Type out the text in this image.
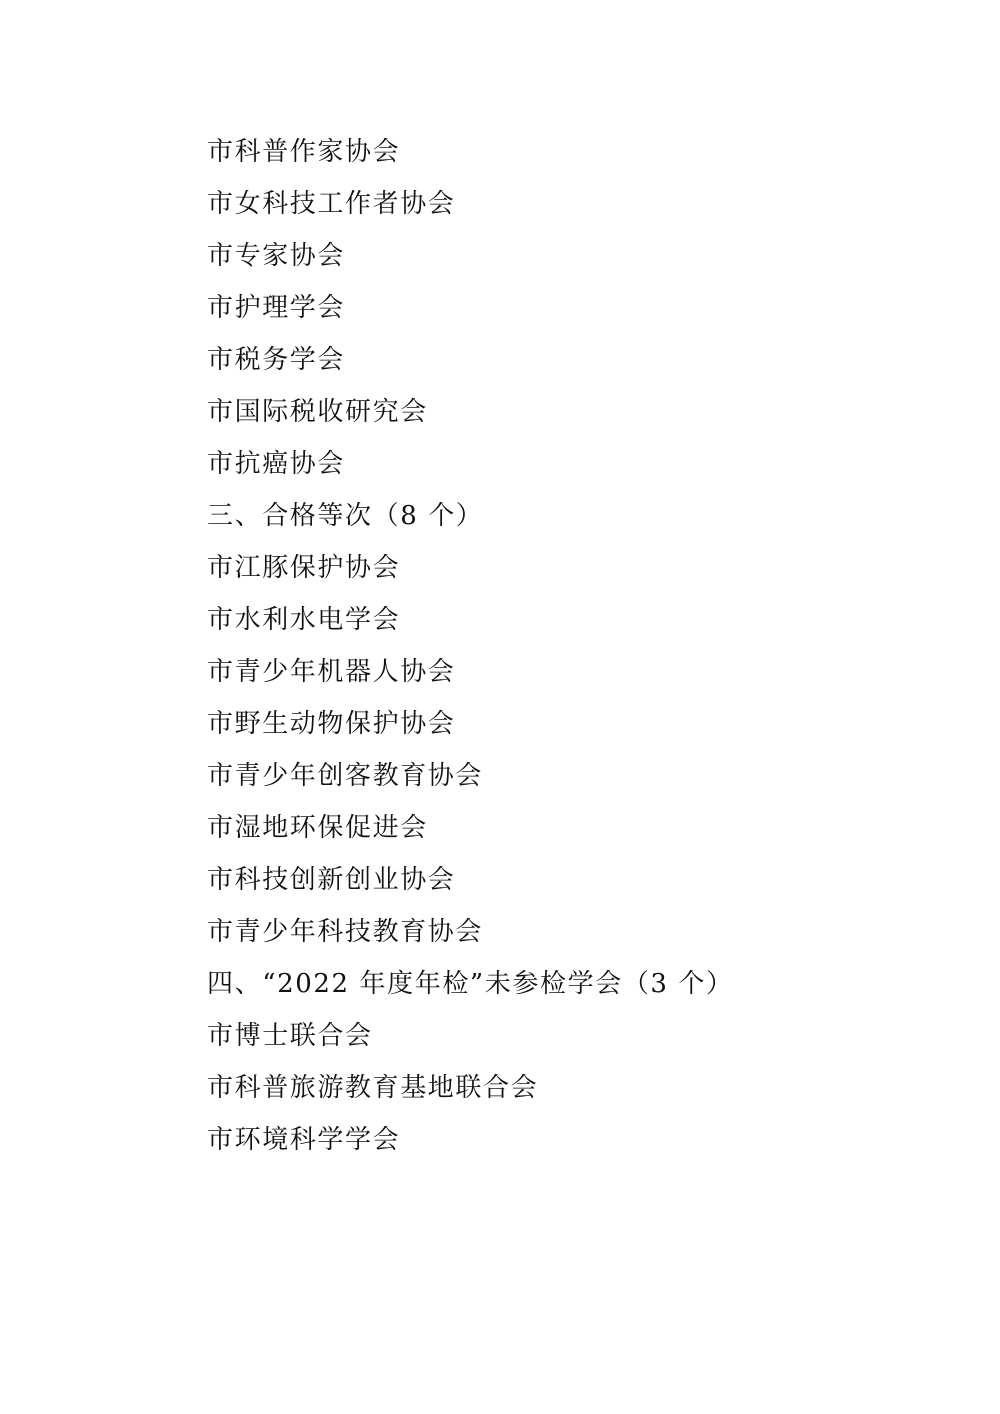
市科普作家协会
市女科技工作者协会
市专家协会
市护理学会
市税务学会
市国际税收研究会
市抗癌协会
三、合格等次（8 个）
市江豚保护协会
市水利水电学会
市青少年机器人协会
市野生动物保护协会
市青少年创客教育协会
市湿地环保促进会
市科技创新创业协会
市青少年科技教育协会
四、“2022 年度年检”未参检学会（3 个）
市博士联合会
市科普旅游教育基地联合会
市环境科学学会
